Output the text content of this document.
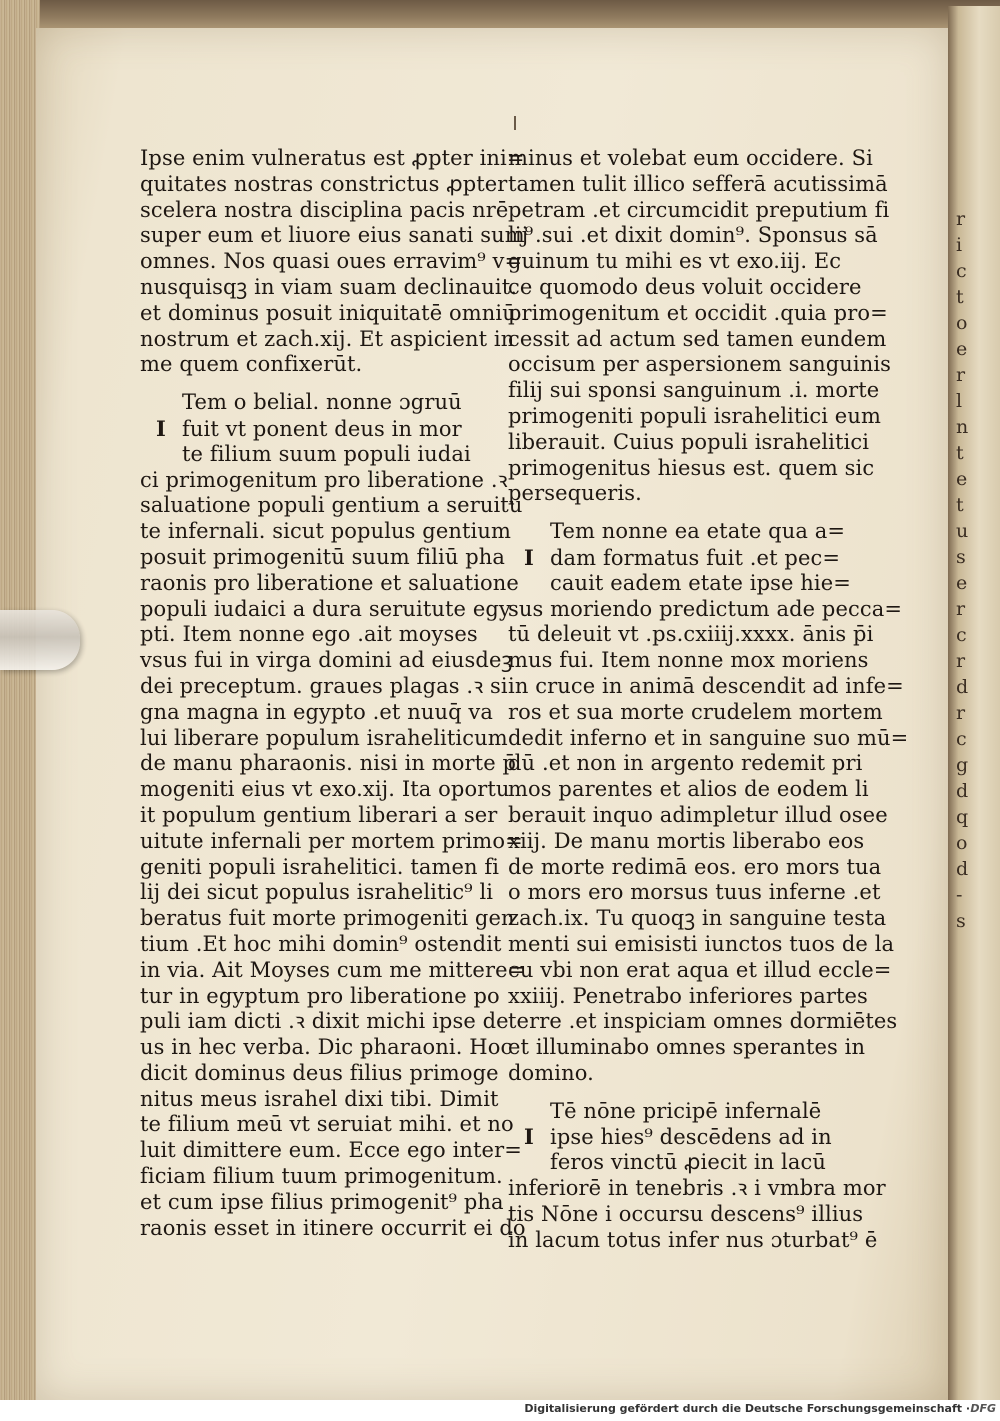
Ipse enim vulneratus est ꝓpter ini=
quitates nostras constrictus ꝓpter
scelera nostra disciplina pacis nrē
super eum et liuore eius sanati sum⁹
omnes. Nos quasi oues erravim⁹ v=
nusquisqꝫ in viam suam declinauit.
et dominus posuit iniquitatē omniū
nostrum et zach.xij. Et aspicient in
me quem confixerūt.
Tem o belial. nonne ɔgruū
I fuit vt ponent deus in mor
te filium suum populi iudai
ci primogenitum pro liberatione .ꝛ
saluatione populi gentium a seruitu
te infernali. sicut populus gentium
posuit primogenitū suum filiū pha
raonis pro liberatione et saluatione
populi iudaici a dura seruitute egy
pti. Item nonne ego .ait moyses
vsus fui in virga domini ad eiusdeꝫ
dei preceptum. graues plagas .ꝛ si
gna magna in egypto .et nuuq̄ va
lui liberare populum israheliticum
de manu pharaonis. nisi in morte p̄
mogeniti eius vt exo.xij. Ita oportu
it populum gentium liberari a ser
uitute infernali per mortem primo=
geniti populi israhelitici. tamen fi
lij dei sicut populus israhelitic⁹ li
beratus fuit morte primogeniti gen
tium .Et hoc mihi domin⁹ ostendit
in via. Ait Moyses cum me mittere=
tur in egyptum pro liberatione po
puli iam dicti .ꝛ dixit michi ipse de
us in hec verba. Dic pharaoni. Hoc
dicit dominus deus filius primoge
nitus meus israhel dixi tibi. Dimit
te filium meū vt seruiat mihi. et no
luit dimittere eum. Ecce ego inter=
ficiam filium tuum primogenitum.
et cum ipse filius primogenit⁹ pha
raonis esset in itinere occurrit ei do
minus et volebat eum occidere. Si
tamen tulit illico sefferā acutissimā
petram .et circumcidit preputium fi
lij .sui .et dixit domin⁹. Sponsus sā
guinum tu mihi es vt exo.iij. Ec
ce quomodo deus voluit occidere
primogenitum et occidit .quia pro=
cessit ad actum sed tamen eundem
occisum per aspersionem sanguinis
filij sui sponsi sanguinum .i. morte
primogeniti populi israhelitici eum
liberauit. Cuius populi israhelitici
primogenitus hiesus est. quem sic
persequeris.
Tem nonne ea etate qua a=
I dam formatus fuit .et pec=
cauit eadem etate ipse hie=
sus moriendo predictum ade pecca=
tū deleuit vt .ps.cxiiij.xxxx. ānis p̄i
mus fui. Item nonne mox moriens
in cruce in animā descendit ad infe=
ros et sua morte crudelem mortem
dedit inferno et in sanguine suo mū=
dū .et non in argento redemit pri
mos parentes et alios de eodem li
berauit inquo adimpletur illud osee
xiij. De manu mortis liberabo eos
de morte redimā eos. ero mors tua
o mors ero morsus tuus inferne .et
zach.ix. Tu quoqꝫ in sanguine testa
menti sui emisisti iunctos tuos de la
cu vbi non erat aqua et illud eccle=
xxiiij. Penetrabo inferiores partes
terre .et inspiciam omnes dormiētes
et illuminabo omnes sperantes in
domino.
Tē nōne pricipē infernalē
I ipse hies⁹ descēdens ad in
feros vinctū ꝓiecit in lacū
inferiorē in tenebris .ꝛ i vmbra mor
tis Nōne i occursu descens⁹ illius
in lacum totus infer nus ɔturbat⁹ ē
r
i
c
t
o
e
r
l
n
t
e
t
u
s
e
r
c
r
d
r
c
g
d
q
o
d
-
s
Digitalisierung gefördert durch die Deutsche Forschungsgemeinschaft · DFG
